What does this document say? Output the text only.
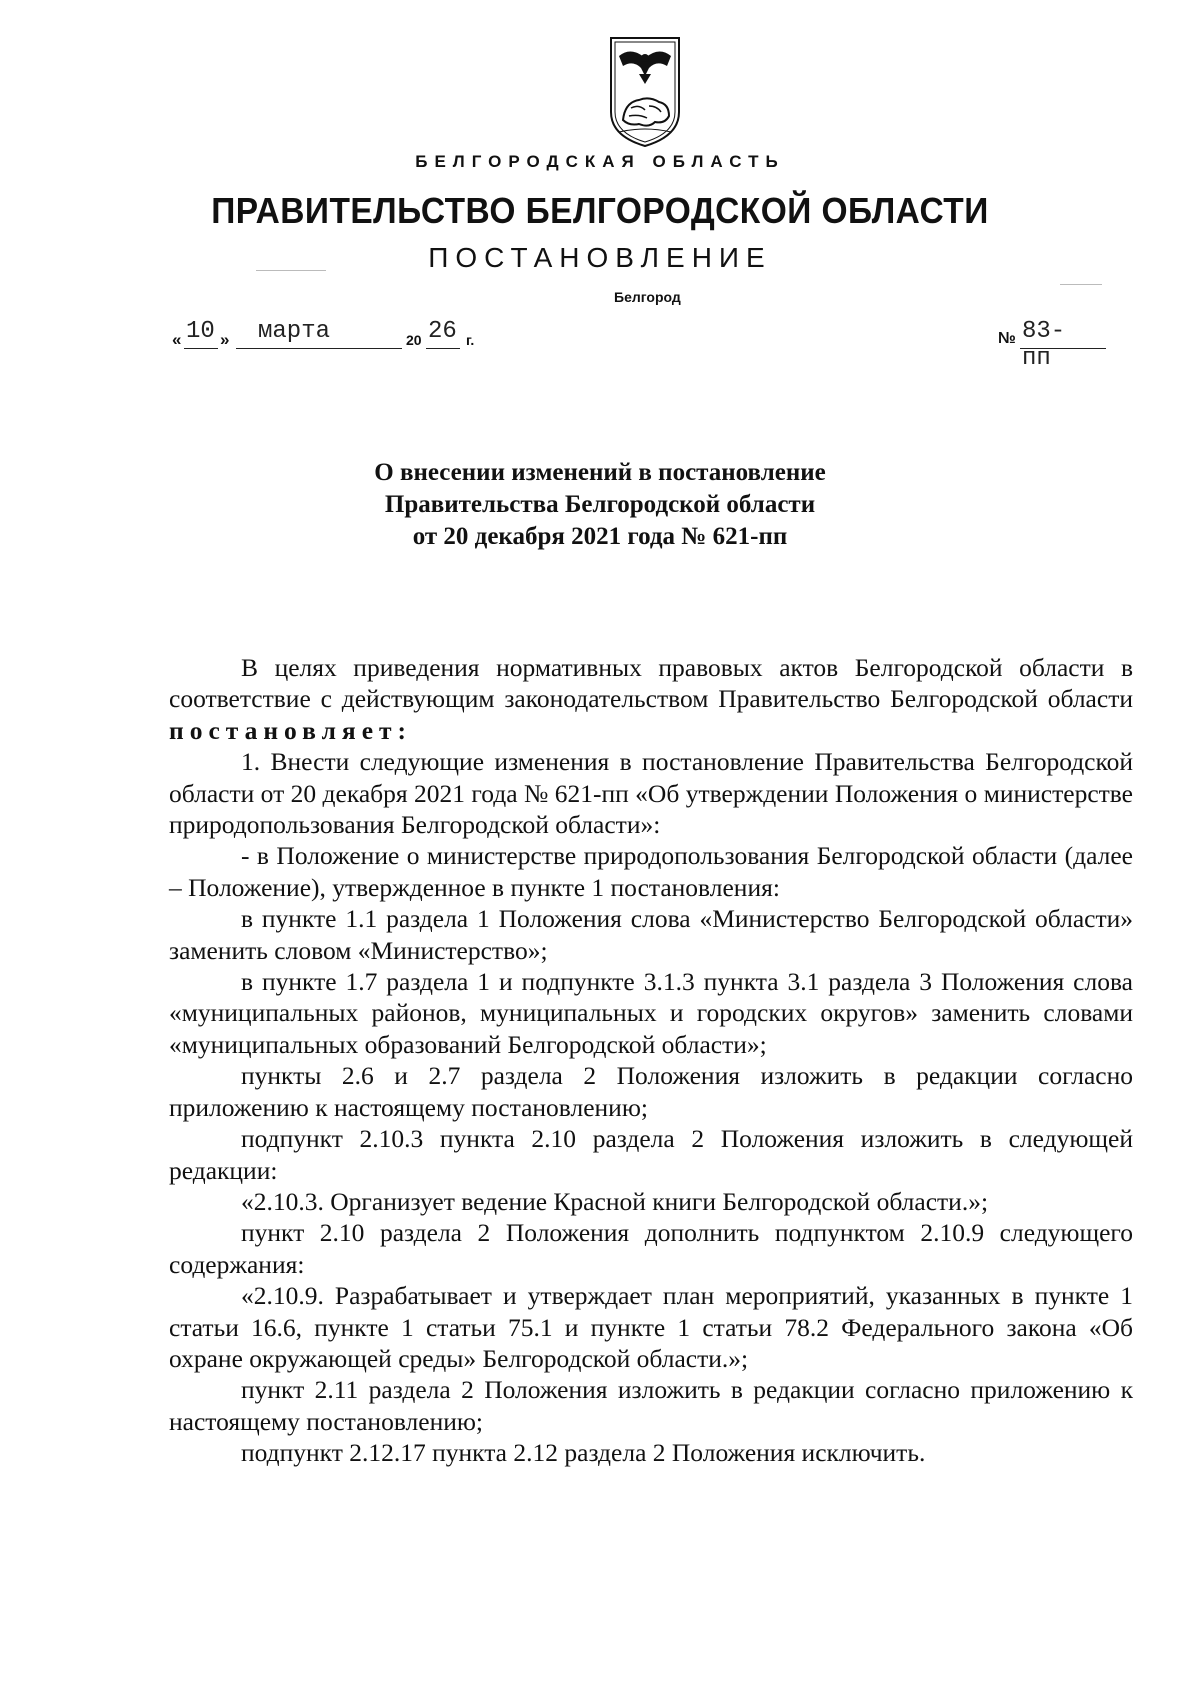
БЕЛГОРОДСКАЯ ОБЛАСТЬ
ПРАВИТЕЛЬСТВО БЕЛГОРОДСКОЙ ОБЛАСТИ
ПОСТАНОВЛЕНИЕ
Белгород
« 10 » марта	20 26 г.	№ 83-пп
О внесении изменений в постановление
Правительства Белгородской области
от 20 декабря 2021 года № 621-пп

В целях приведения нормативных правовых актов Белгородской области в соответствие с действующим законодательством Правительство Белгородской области постановляет:

1. Внести следующие изменения в постановление Правительства Белгородской области от 20 декабря 2021 года № 621-пп «Об утверждении Положения о министерстве природопользования Белгородской области»:

- в Положение о министерстве природопользования Белгородской области (далее – Положение), утвержденное в пункте 1 постановления:

в пункте 1.1 раздела 1 Положения слова «Министерство Белгородской области» заменить словом «Министерство»;

в пункте 1.7 раздела 1 и подпункте 3.1.3 пункта 3.1 раздела 3 Положения слова «муниципальных районов, муниципальных и городских округов» заменить словами «муниципальных образований Белгородской области»;

пункты 2.6 и 2.7 раздела 2 Положения изложить в редакции согласно приложению к настоящему постановлению;

подпункт 2.10.3 пункта 2.10 раздела 2 Положения изложить в следующей редакции:

«2.10.3. Организует ведение Красной книги Белгородской области.»;

пункт 2.10 раздела 2 Положения дополнить подпунктом 2.10.9 следующего содержания:

«2.10.9. Разрабатывает и утверждает план мероприятий, указанных в пункте 1 статьи 16.6, пункте 1 статьи 75.1 и пункте 1 статьи 78.2 Федерального закона «Об охране окружающей среды» Белгородской области.»;

пункт 2.11 раздела 2 Положения изложить в редакции согласно приложению к настоящему постановлению;

подпункт 2.12.17 пункта 2.12 раздела 2 Положения исключить.
